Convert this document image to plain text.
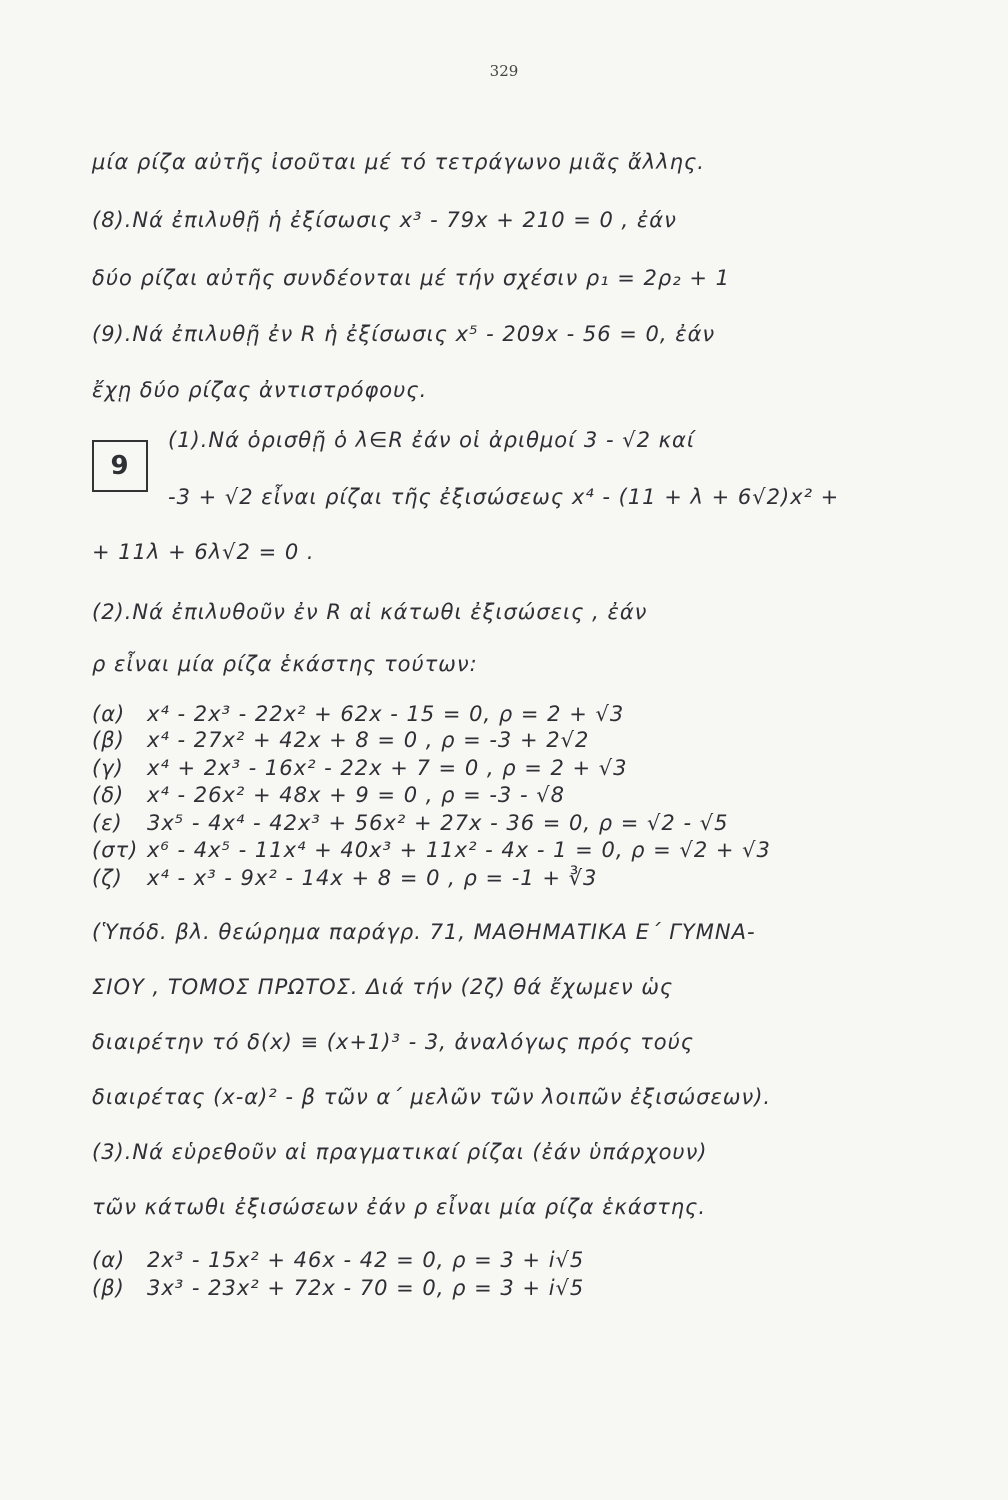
329
μία ρίζα αὐτῆς ἰσοῦται μέ τό τετράγωνο μιᾶς ἄλλης.
(8).Νά ἐπιλυθῇ ἡ ἐξίσωσις x³ - 79x + 210 = 0 , ἐάν
δύο ρίζαι αὐτῆς συνδέονται μέ τήν σχέσιν ρ₁ = 2ρ₂ + 1
(9).Νά ἐπιλυθῇ ἐν R ἡ ἐξίσωσις x⁵ - 209x - 56 = 0, ἐάν
ἔχῃ δύο ρίζας ἀντιστρόφους.
9
(1).Νά ὁρισθῇ ὁ λ∈R ἐάν οἱ ἀριθμοί 3 - √2 καί
-3 + √2 εἶναι ρίζαι τῆς ἐξισώσεως x⁴ - (11 + λ + 6√2)x² +
+ 11λ + 6λ√2 = 0 .
(2).Νά ἐπιλυθοῦν ἐν R αἱ κάτωθι ἐξισώσεις , ἐάν
ρ εἶναι μία ρίζα ἑκάστης τούτων:
(α) x⁴ - 2x³ - 22x² + 62x - 15 = 0, ρ = 2 + √3
(β) x⁴ - 27x² + 42x + 8 = 0 , ρ = -3 + 2√2
(γ) x⁴ + 2x³ - 16x² - 22x + 7 = 0 , ρ = 2 + √3
(δ) x⁴ - 26x² + 48x + 9 = 0 , ρ = -3 - √8
(ε) 3x⁵ - 4x⁴ - 42x³ + 56x² + 27x - 36 = 0, ρ = √2 - √5
(στ) x⁶ - 4x⁵ - 11x⁴ + 40x³ + 11x² - 4x - 1 = 0, ρ = √2 + √3
(ζ) x⁴ - x³ - 9x² - 14x + 8 = 0 , ρ = -1 + ∛3
(Ὑπόδ. βλ. θεώρημα παράγρ. 71, ΜΑΘΗΜΑΤΙΚΑ Ε΄ ΓΥΜΝΑ-
ΣΙΟΥ , ΤΟΜΟΣ ΠΡΩΤΟΣ. Διά τήν (2ζ) θά ἔχωμεν ὡς
διαιρέτην τό δ(x) ≡ (x+1)³ - 3, ἀναλόγως πρός τούς
διαιρέτας (x-α)² - β τῶν α΄ μελῶν τῶν λοιπῶν ἐξισώσεων).
(3).Νά εὑρεθοῦν αἱ πραγματικαί ρίζαι (ἐάν ὑπάρχουν)
τῶν κάτωθι ἐξισώσεων ἐάν ρ εἶναι μία ρίζα ἑκάστης.
(α) 2x³ - 15x² + 46x - 42 = 0, ρ = 3 + i√5
(β) 3x³ - 23x² + 72x - 70 = 0, ρ = 3 + i√5
